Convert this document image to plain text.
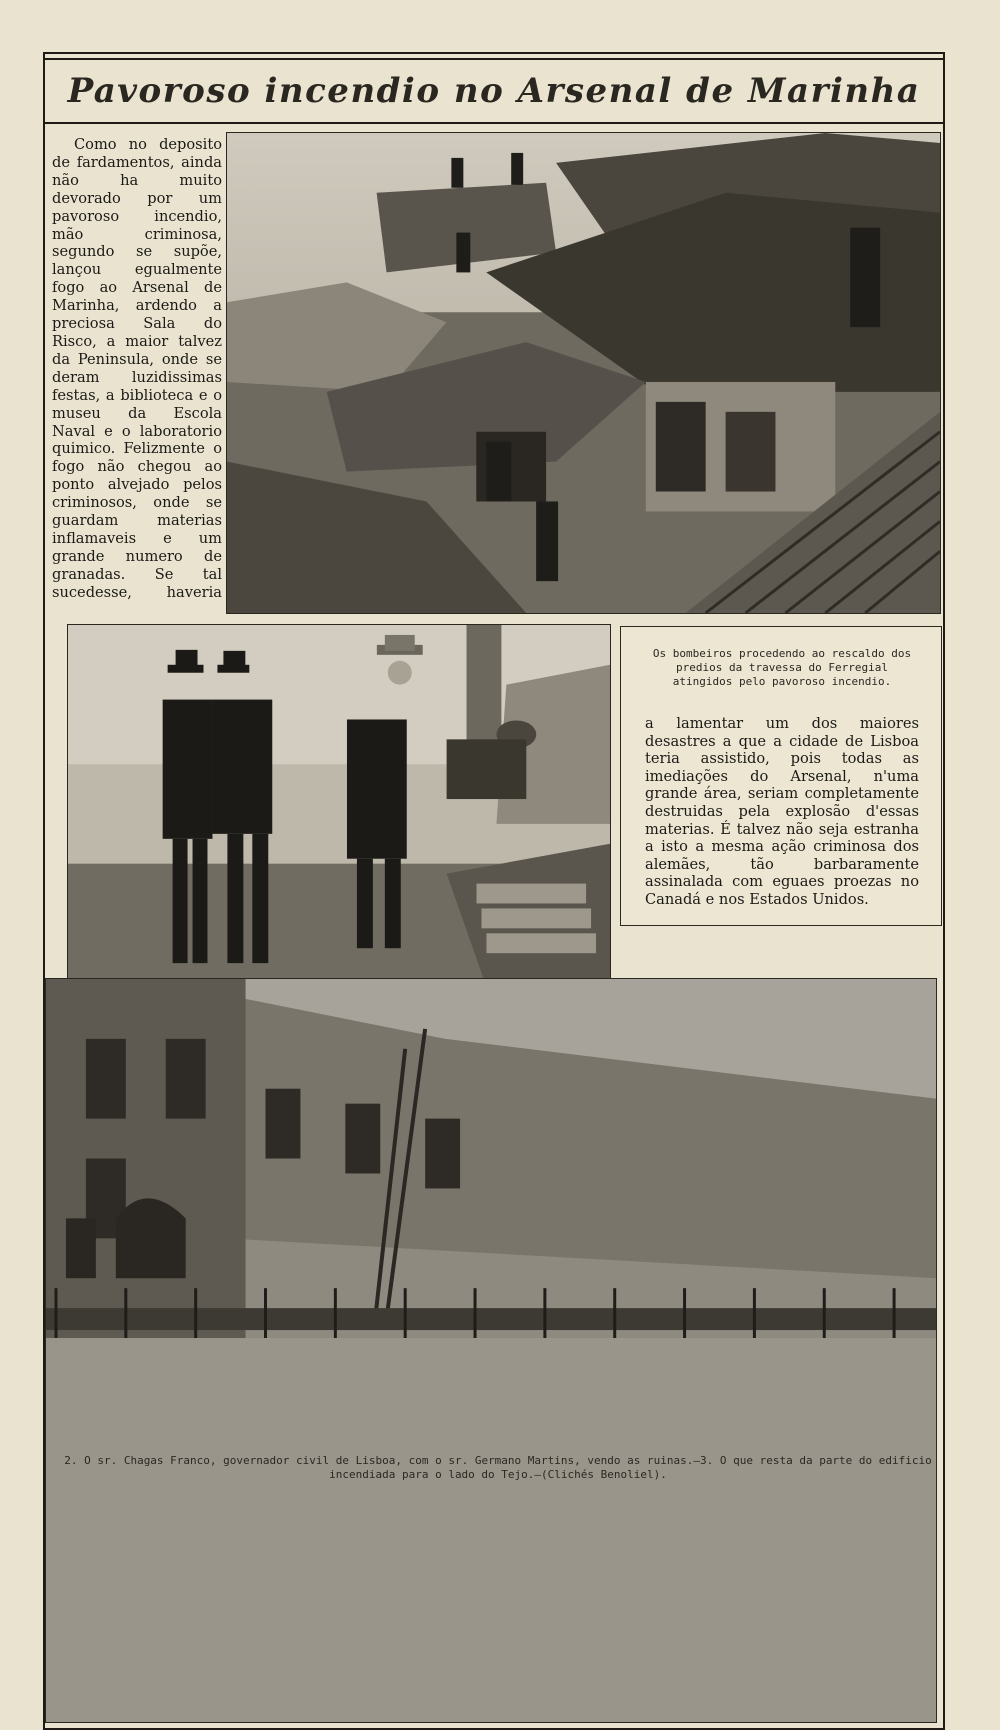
Pavoroso incendio no Arsenal de Marinha

Como no deposito de fardamentos, ainda não ha muito devorado por um pavoroso incendio, mão criminosa, segundo se supõe, lançou egualmente fogo ao Arsenal de Marinha, ardendo a preciosa Sala do Risco, a maior talvez da Peninsula, onde se deram luzidissimas festas, a bibliotecа e o museu da Escola Naval e o laboratorio quimico. Felizmente o fogo não chegou ao ponto alvejado pelos criminosos, onde se guardam materias inflamaveis e um grande numero de granadas. Se tal sucedesse, haveria

Os bombeiros procedendo ao rescaldo dos predios da travessa do Ferregial atingidos pelo pavoroso incendio.

a lamentar um dos maiores desastres a que a cidade de Lisboa teria assistido, pois todas as imediações do Arsenal, n'uma grande área, seriam completamente destruidas pela explosão d'essas materias. É talvez não seja estranha a isto a mesma ação criminosa dos alemães, tão barbaramente assinalada com eguaes proezas no Canadá e nos Estados Unidos.

2. O sr. Chagas Franco, governador civil de Lisboa, com o sr. Germano Martins, vendo as ruinas.—3. O que resta da parte do edificio incendiada para o lado do Tejo.—(Clichés Benoliel).
